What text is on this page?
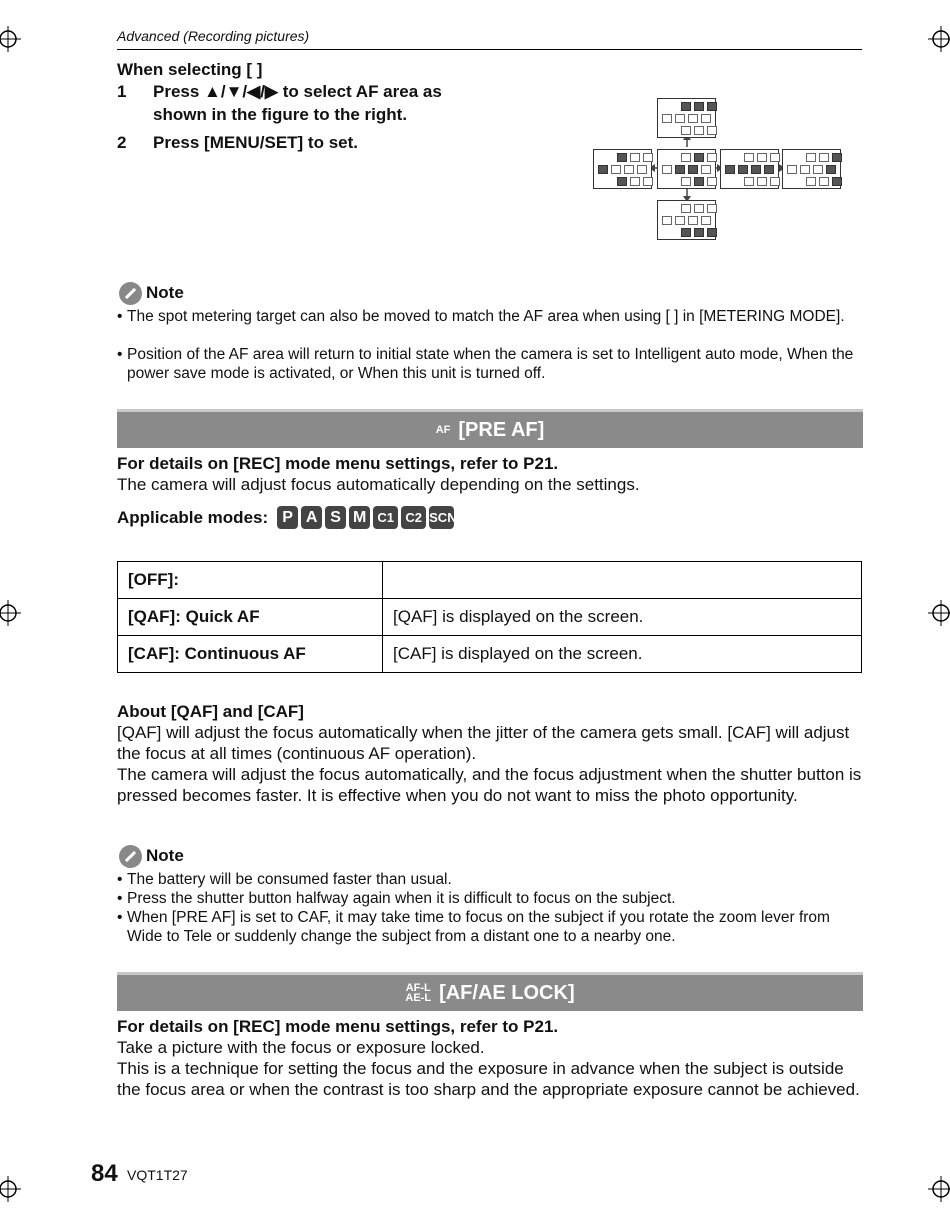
Advanced (Recording pictures)
When selecting [ ]
1 Press ▲/▼/◀/▶ to select AF area as shown in the figure to the right.
2 Press [MENU/SET] to set.
Note
• The spot metering target can also be moved to match the AF area when using [ ] in [METERING MODE].
• Position of the AF area will return to initial state when the camera is set to Intelligent auto mode, When the power save mode is activated, or When this unit is turned off.
AF [PRE AF]
For details on [REC] mode menu settings, refer to P21.
The camera will adjust focus automatically depending on the settings.
Applicable modes: P A S M C1 C2 SCN
[OFF]:	
[QAF]: Quick AF	[QAF] is displayed on the screen.
[CAF]: Continuous AF	[CAF] is displayed on the screen.
About [QAF] and [CAF]
[QAF] will adjust the focus automatically when the jitter of the camera gets small. [CAF] will adjust the focus at all times (continuous AF operation).
The camera will adjust the focus automatically, and the focus adjustment when the shutter button is pressed becomes faster. It is effective when you do not want to miss the photo opportunity.
Note
• The battery will be consumed faster than usual.
• Press the shutter button halfway again when it is difficult to focus on the subject.
• When [PRE AF] is set to CAF, it may take time to focus on the subject if you rotate the zoom lever from Wide to Tele or suddenly change the subject from a distant one to a nearby one.
AF-L
AE-L [AF/AE LOCK]
For details on [REC] mode menu settings, refer to P21.
Take a picture with the focus or exposure locked.
This is a technique for setting the focus and the exposure in advance when the subject is outside the focus area or when the contrast is too sharp and the appropriate exposure cannot be achieved.
84 VQT1T27
